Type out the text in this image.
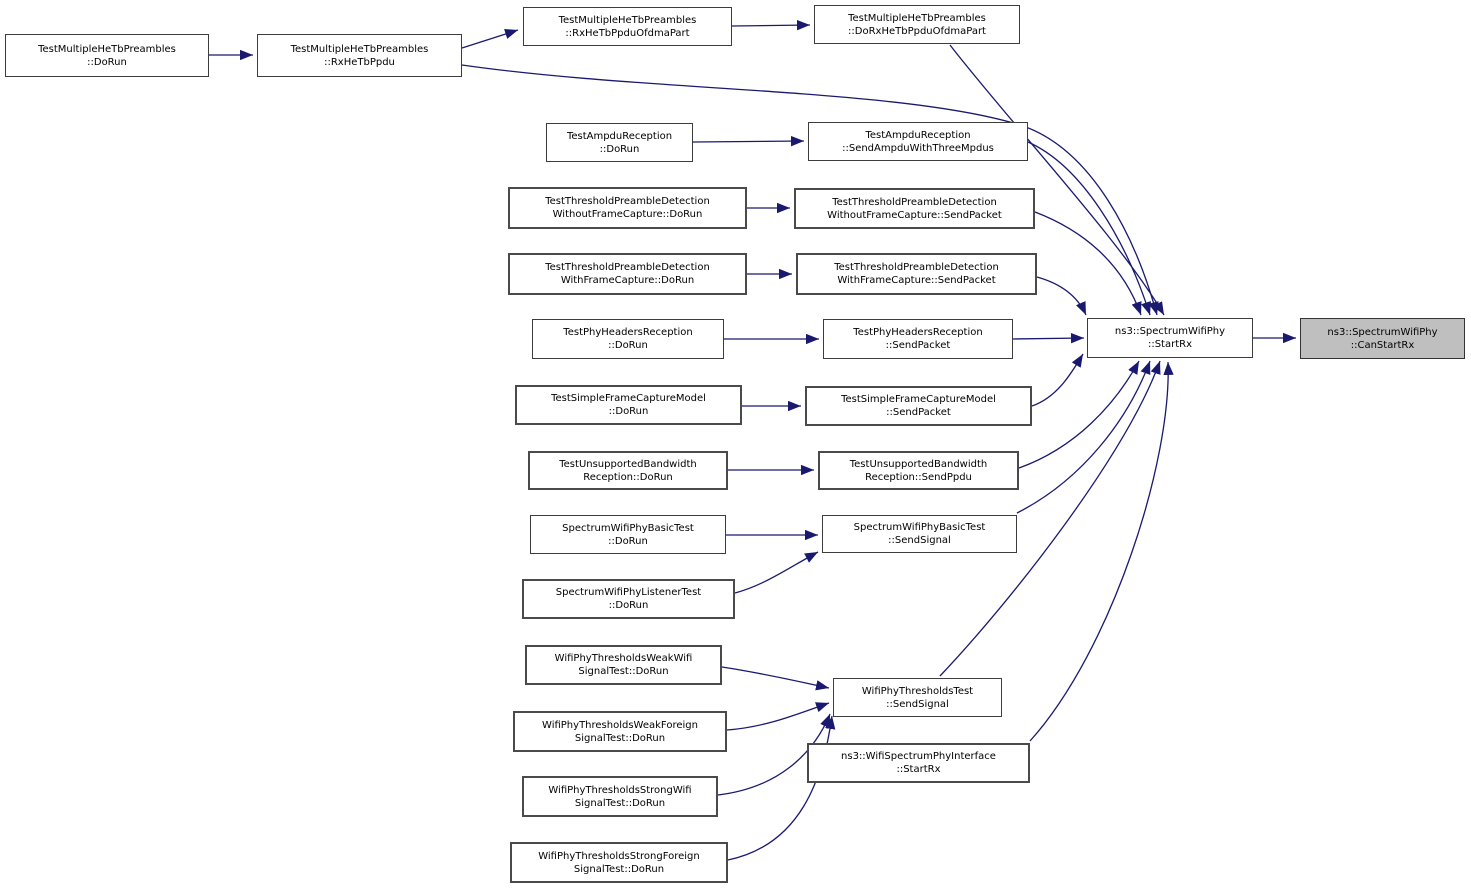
TestMultipleHeTbPreambles
::DoRun
TestMultipleHeTbPreambles
::RxHeTbPpdu
TestMultipleHeTbPreambles
::RxHeTbPpduOfdmaPart
TestMultipleHeTbPreambles
::DoRxHeTbPpduOfdmaPart
TestAmpduReception
::DoRun
TestAmpduReception
::SendAmpduWithThreeMpdus
TestThresholdPreambleDetection
WithoutFrameCapture::DoRun
TestThresholdPreambleDetection
WithoutFrameCapture::SendPacket
TestThresholdPreambleDetection
WithFrameCapture::DoRun
TestThresholdPreambleDetection
WithFrameCapture::SendPacket
TestPhyHeadersReception
::DoRun
TestPhyHeadersReception
::SendPacket
TestSimpleFrameCaptureModel
::DoRun
TestSimpleFrameCaptureModel
::SendPacket
TestUnsupportedBandwidth
Reception::DoRun
TestUnsupportedBandwidth
Reception::SendPpdu
SpectrumWifiPhyBasicTest
::DoRun
SpectrumWifiPhyBasicTest
::SendSignal
SpectrumWifiPhyListenerTest
::DoRun
WifiPhyThresholdsWeakWifi
SignalTest::DoRun
WifiPhyThresholdsWeakForeign
SignalTest::DoRun
WifiPhyThresholdsTest
::SendSignal
WifiPhyThresholdsStrongWifi
SignalTest::DoRun
ns3::WifiSpectrumPhyInterface
::StartRx
WifiPhyThresholdsStrongForeign
SignalTest::DoRun
ns3::SpectrumWifiPhy
::StartRx
ns3::SpectrumWifiPhy
::CanStartRx
